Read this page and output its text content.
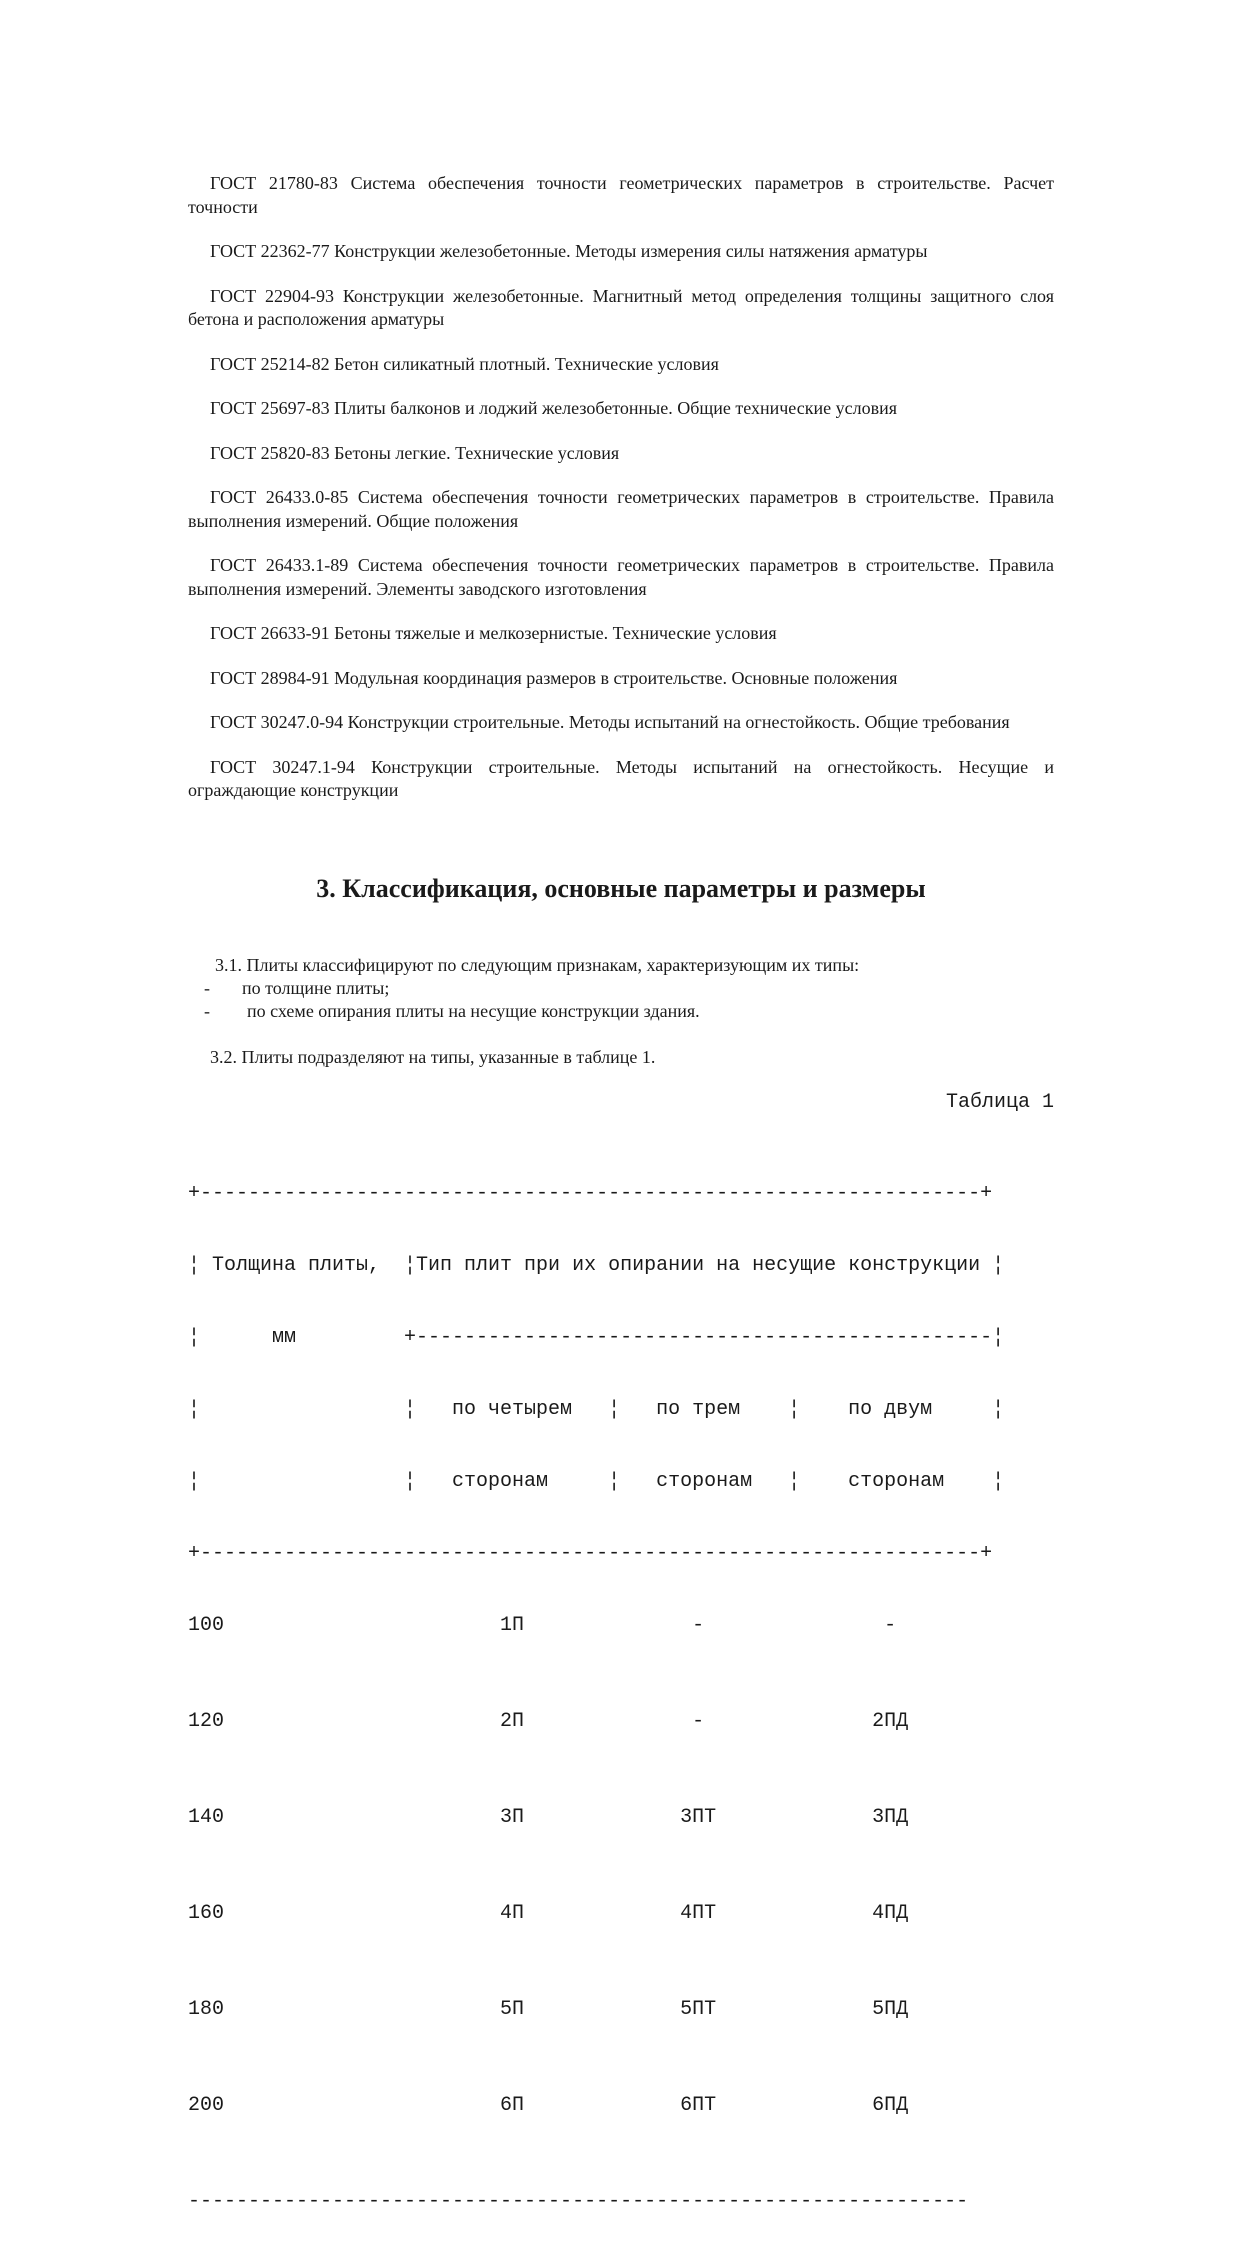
ГОСТ 21780-83 Система обеспечения точности геометрических параметров в строительстве. Расчет точности

ГОСТ 22362-77 Конструкции железобетонные. Методы измерения силы натяжения арматуры

ГОСТ 22904-93 Конструкции железобетонные. Магнитный метод определения толщины защитного слоя бетона и расположения арматуры

ГОСТ 25214-82 Бетон силикатный плотный. Технические условия

ГОСТ 25697-83 Плиты балконов и лоджий железобетонные. Общие технические условия

ГОСТ 25820-83 Бетоны легкие. Технические условия

ГОСТ 26433.0-85 Система обеспечения точности геометрических параметров в строительстве. Правила выполнения измерений. Общие положения

ГОСТ 26433.1-89 Система обеспечения точности геометрических параметров в строительстве. Правила выполнения измерений. Элементы заводского изготовления

ГОСТ 26633-91 Бетоны тяжелые и мелкозернистые. Технические условия

ГОСТ 28984-91 Модульная координация размеров в строительстве. Основные положения

ГОСТ 30247.0-94 Конструкции строительные. Методы испытаний на огнестойкость. Общие требования

ГОСТ 30247.1-94 Конструкции строительные. Методы испытаний на огнестойкость. Несущие и ограждающие конструкции

3. Классификация, основные параметры и размеры

3.1. Плиты классифицируют по следующим признакам, характеризующим их типы:

-	по толщине плиты;
-	по схеме опирания плиты на несущие конструкции здания.

3.2. Плиты подразделяют на типы, указанные в таблице 1.

Таблица 1

+-----------------------------------------------------------------+

¦ Толщина плиты,  ¦Тип плит при их опирании на несущие конструкции ¦

¦      мм         +------------------------------------------------¦

¦                 ¦   по четырем   ¦   по трем    ¦    по двум     ¦

¦                 ¦   сторонам     ¦   сторонам   ¦    сторонам    ¦

+-----------------------------------------------------------------+

100                       1П              -               -

120                       2П              -              2ПД

140                       3П             3ПТ             3ПД

160                       4П             4ПТ             4ПД

180                       5П             5ПТ             5ПД

200                       6П             6ПТ             6ПД

-----------------------------------------------------------------
